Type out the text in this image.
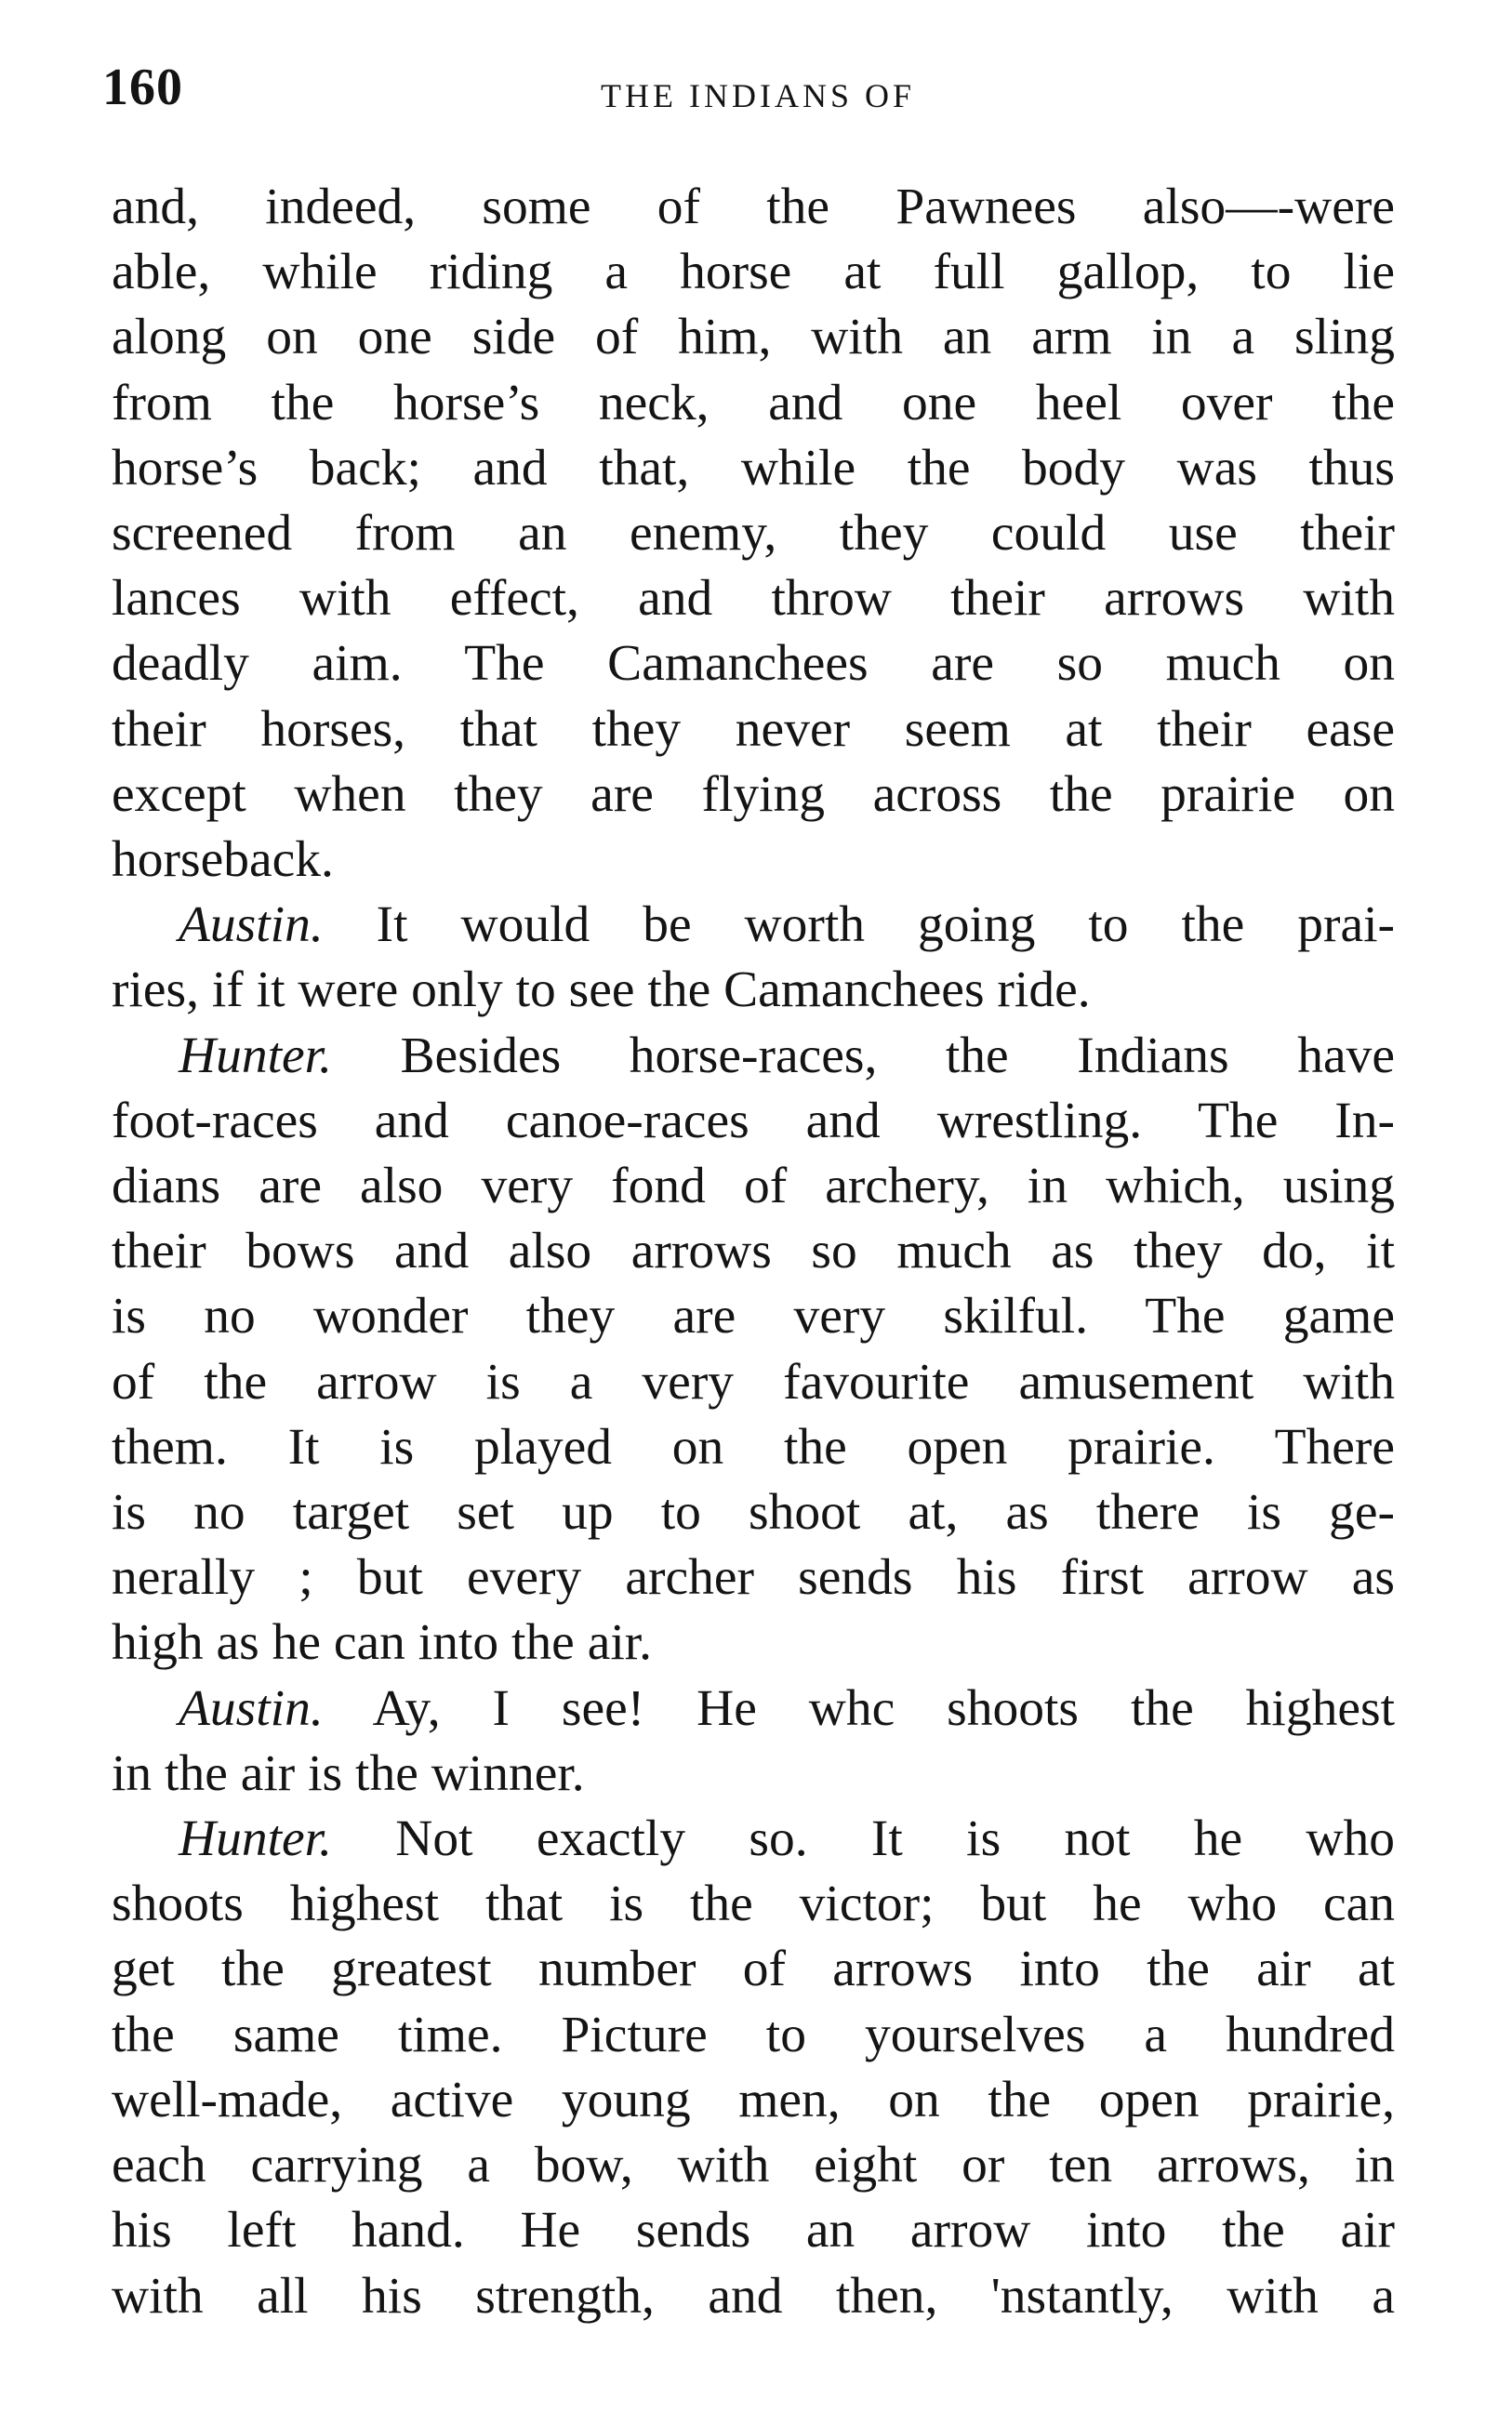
160	THE INDIANS OF
and, indeed, some of the Pawnees also—-were
able, while riding a horse at full gallop, to lie
along on one side of him, with an arm in a sling
from the horse’s neck, and one heel over the
horse’s back; and that, while the body was thus
screened from an enemy, they could use their
lances with effect, and throw their arrows with
deadly aim. The Camanchees are so much on
their horses, that they never seem at their ease
except when they are flying across the prairie on
horseback.
Austin. It would be worth going to the prai-
ries, if it were only to see the Camanchees ride.
Hunter. Besides horse-races, the Indians have
foot-races and canoe-races and wrestling. The In-
dians are also very fond of archery, in which, using
their bows and also arrows so much as they do, it
is no wonder they are very skilful. The game
of the arrow is a very favourite amusement with
them. It is played on the open prairie. There
is no target set up to shoot at, as there is ge-
nerally ; but every archer sends his first arrow as
high as he can into the air.
Austin. Ay, I see! He whc shoots the highest
in the air is the winner.
Hunter. Not exactly so. It is not he who
shoots highest that is the victor; but he who can
get the greatest number of arrows into the air at
the same time. Picture to yourselves a hundred
well-made, active young men, on the open prairie,
each carrying a bow, with eight or ten arrows, in
his left hand. He sends an arrow into the air
with all his strength, and then, 'nstantly, with a
